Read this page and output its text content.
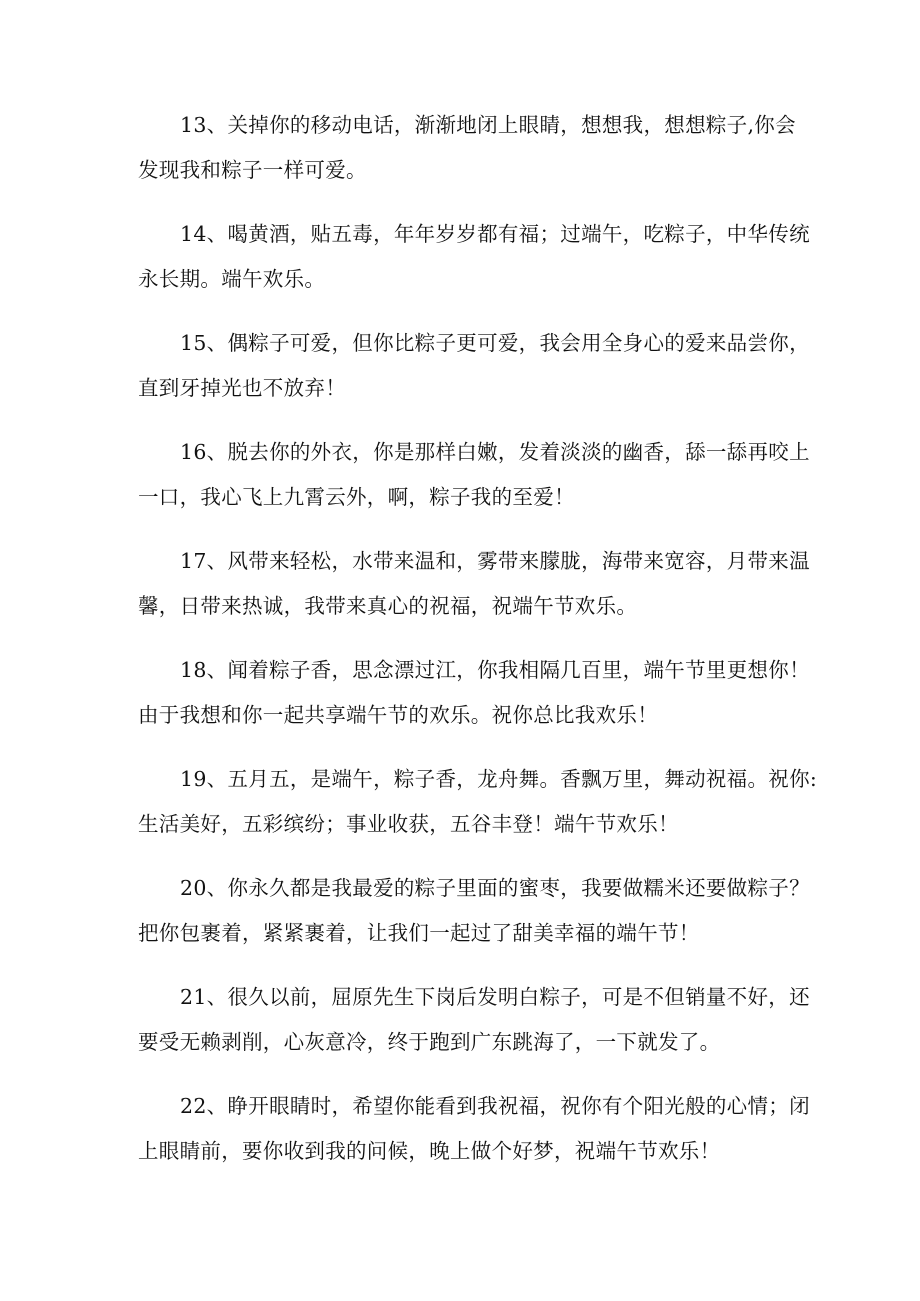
13、关掉你的移动电话，渐渐地闭上眼睛，想想我，想想粽子,你会
发现我和粽子一样可爱。
14、喝黄酒，贴五毒，年年岁岁都有福；过端午，吃粽子，中华传统
永长期。端午欢乐。
15、偶粽子可爱，但你比粽子更可爱，我会用全身心的爱来品尝你，
直到牙掉光也不放弃！
16、脱去你的外衣，你是那样白嫩，发着淡淡的幽香，舔一舔再咬上
一口，我心飞上九霄云外，啊，粽子我的至爱！
17、风带来轻松，水带来温和，雾带来朦胧，海带来宽容，月带来温
馨，日带来热诚，我带来真心的祝福，祝端午节欢乐。
18、闻着粽子香，思念漂过江，你我相隔几百里，端午节里更想你！
由于我想和你一起共享端午节的欢乐。祝你总比我欢乐！
19、五月五，是端午，粽子香，龙舟舞。香飘万里，舞动祝福。祝你:
生活美好，五彩缤纷；事业收获，五谷丰登！端午节欢乐！
20、你永久都是我最爱的粽子里面的蜜枣，我要做糯米还要做粽子？
把你包裹着，紧紧裹着，让我们一起过了甜美幸福的端午节！
21、很久以前，屈原先生下岗后发明白粽子，可是不但销量不好，还
要受无赖剥削，心灰意冷，终于跑到广东跳海了，一下就发了。
22、睁开眼睛时，希望你能看到我祝福，祝你有个阳光般的心情；闭
上眼睛前，要你收到我的问候，晚上做个好梦，祝端午节欢乐！
